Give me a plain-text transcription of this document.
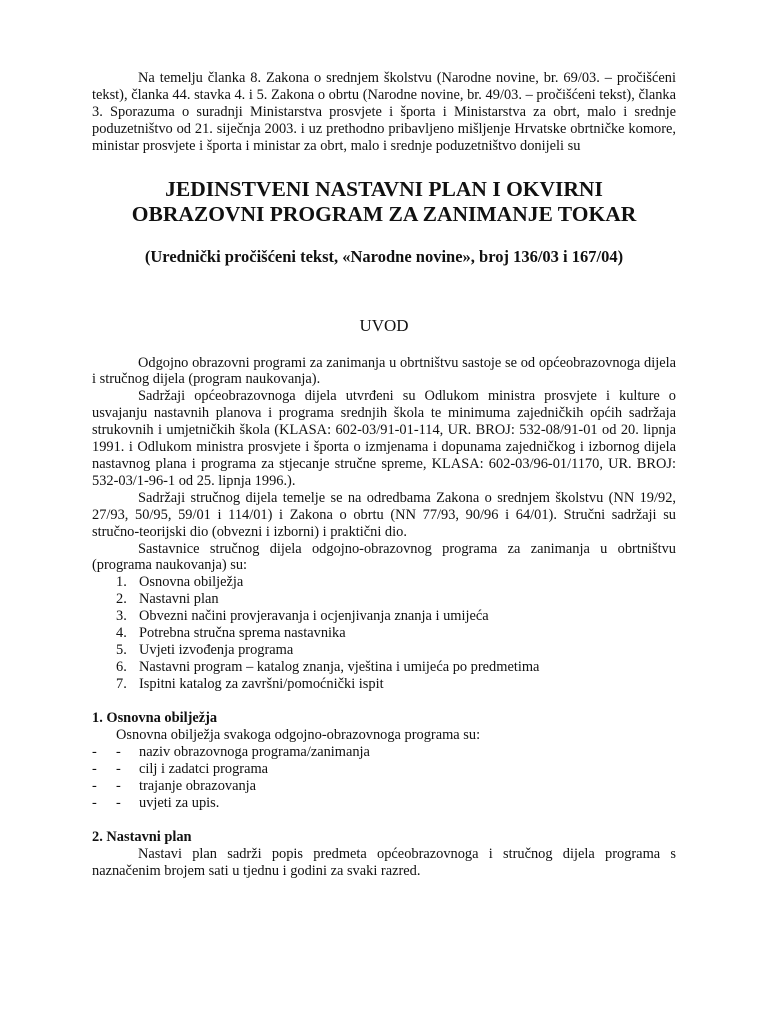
Na temelju članka 8. Zakona o srednjem školstvu (Narodne novine, br. 69/03. – pročišćeni tekst), članka 44. stavka 4. i 5. Zakona o obrtu (Narodne novine, br. 49/03. – pročišćeni tekst), članka 3. Sporazuma o suradnji Ministarstva prosvjete i športa i Ministarstva za obrt, malo i srednje poduzetništvo od 21. siječnja 2003. i uz prethodno pribavljeno mišljenje Hrvatske obrtničke komore, ministar prosvjete i športa i ministar za obrt, malo i srednje poduzetništvo donijeli su

JEDINSTVENI NASTAVNI PLAN I OKVIRNI
OBRAZOVNI PROGRAM ZA ZANIMANJE TOKAR
(Urednički pročišćeni tekst, «Narodne novine», broj 136/03 i 167/04)
UVOD

Odgojno obrazovni programi za zanimanja u obrtništvu sastoje se od općeobrazovnoga dijela i stručnog dijela (program naukovanja).

Sadržaji općeobrazovnoga dijela utvrđeni su Odlukom ministra prosvjete i kulture o usvajanju nastavnih planova i programa srednjih škola te minimuma zajedničkih općih sadržaja strukovnih i umjetničkih škola (KLASA: 602-03/91-01-114, UR. BROJ: 532-08/91-01 od 20. lipnja 1991. i Odlukom ministra prosvjete i športa o izmjenama i dopunama zajedničkog i izbornog dijela nastavnog plana i programa za stjecanje stručne spreme, KLASA: 602-03/96-01/1170, UR. BROJ: 532-03/1-96-1 od 25. lipnja 1996.).

Sadržaji stručnog dijela temelje se na odredbama Zakona o srednjem školstvu (NN 19/92, 27/93, 50/95, 59/01 i 114/01) i Zakona o obrtu (NN 77/93, 90/96 i 64/01). Stručni sadržaji su stručno-teorijski dio (obvezni i izborni) i praktični dio.

Sastavnice stručnog dijela odgojno-obrazovnog programa za zanimanja u obrtništvu (programa naukovanja) su:

1. Osnovna obilježja
2. Nastavni plan
3. Obvezni načini provjeravanja i ocjenjivanja znanja i umijeća
4. Potrebna stručna sprema nastavnika
5. Uvjeti izvođenja programa
6. Nastavni program – katalog znanja, vještina i umijeća po predmetima
7. Ispitni katalog za završni/pomoćnički ispit
1. Osnovna obilježja

Osnovna obilježja svakoga odgojno-obrazovnoga programa su:

- - naziv obrazovnoga programa/zanimanja
- - cilj i zadatci programa
- - trajanje obrazovanja
- - uvjeti za upis.
2. Nastavni plan

Nastavi plan sadrži popis predmeta općeobrazovnoga i stručnog dijela programa s naznačenim brojem sati u tjednu i godini za svaki razred.
